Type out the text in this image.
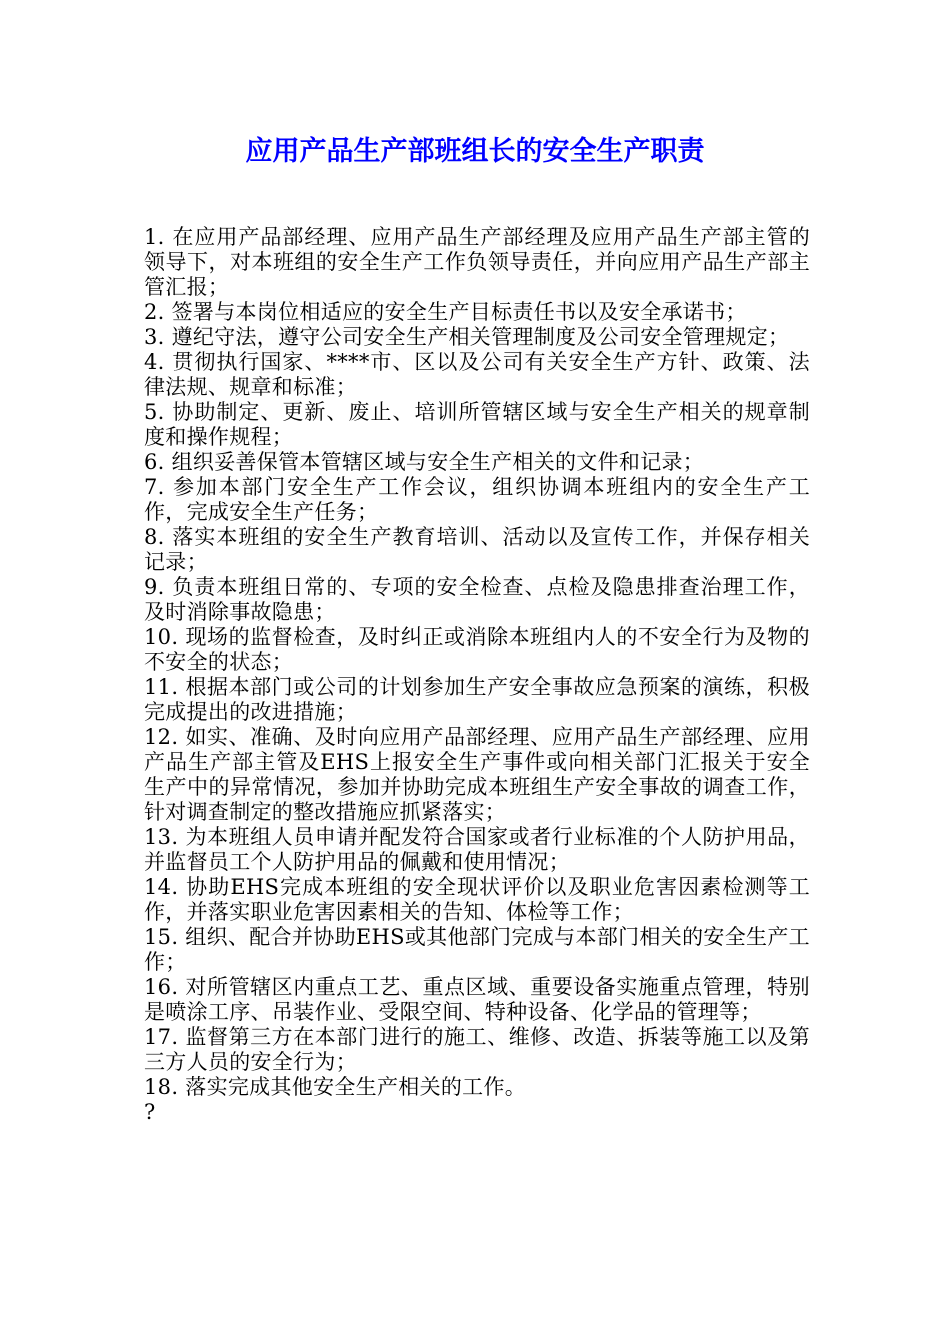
应用产品生产部班组长的安全生产职责

1. 在应用产品部经理、应用产品生产部经理及应用产品生产部主管的领导下，对本班组的安全生产工作负领导责任，并向应用产品生产部主管汇报；

2. 签署与本岗位相适应的安全生产目标责任书以及安全承诺书；

3. 遵纪守法，遵守公司安全生产相关管理制度及公司安全管理规定；

4. 贯彻执行国家、****市、区以及公司有关安全生产方针、政策、法律法规、规章和标准；

5. 协助制定、更新、废止、培训所管辖区域与安全生产相关的规章制度和操作规程；

6. 组织妥善保管本管辖区域与安全生产相关的文件和记录；

7. 参加本部门安全生产工作会议，组织协调本班组内的安全生产工作，完成安全生产任务；

8. 落实本班组的安全生产教育培训、活动以及宣传工作，并保存相关记录；

9. 负责本班组日常的、专项的安全检查、点检及隐患排查治理工作，及时消除事故隐患；

10. 现场的监督检查，及时纠正或消除本班组内人的不安全行为及物的不安全的状态；

11. 根据本部门或公司的计划参加生产安全事故应急预案的演练，积极完成提出的改进措施；

12. 如实、准确、及时向应用产品部经理、应用产品生产部经理、应用产品生产部主管及EHS上报安全生产事件或向相关部门汇报关于安全生产中的异常情况，参加并协助完成本班组生产安全事故的调查工作，针对调查制定的整改措施应抓紧落实；

13. 为本班组人员申请并配发符合国家或者行业标准的个人防护用品，并监督员工个人防护用品的佩戴和使用情况；

14. 协助EHS完成本班组的安全现状评价以及职业危害因素检测等工作，并落实职业危害因素相关的告知、体检等工作；

15. 组织、配合并协助EHS或其他部门完成与本部门相关的安全生产工作；

16. 对所管辖区内重点工艺、重点区域、重要设备实施重点管理，特别是喷涂工序、吊装作业、受限空间、特种设备、化学品的管理等；

17. 监督第三方在本部门进行的施工、维修、改造、拆装等施工以及第三方人员的安全行为；

18. 落实完成其他安全生产相关的工作。

?
